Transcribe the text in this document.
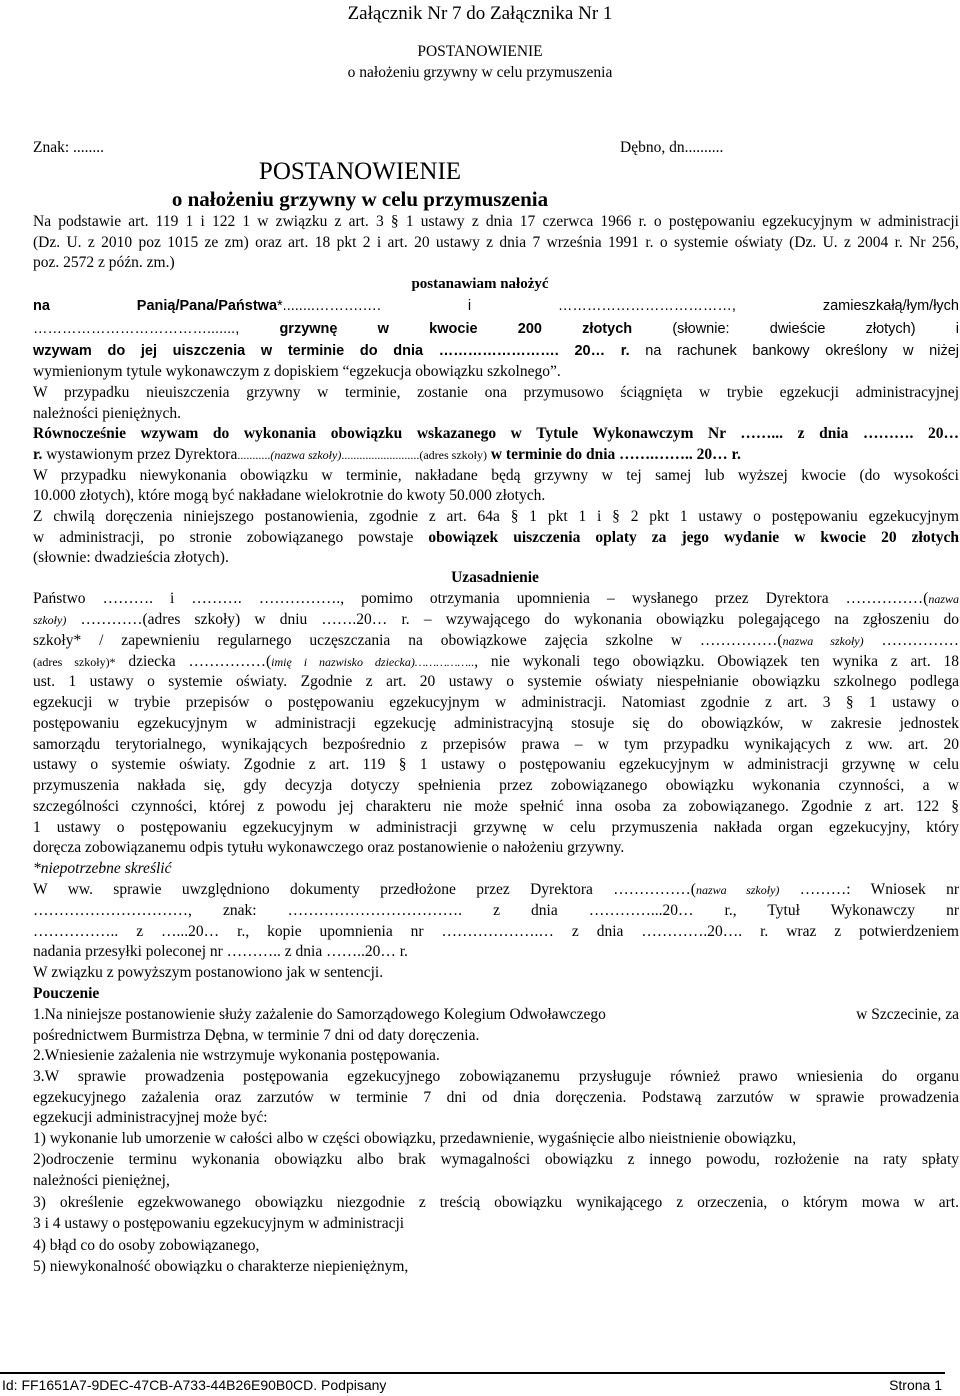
Załącznik Nr 7 do Załącznika Nr 1
POSTANOWIENIE
o nałożeniu grzywny w celu przymuszenia
Znak: ........	Dębno, dn..........
POSTANOWIENIE
o nałożeniu grzywny w celu przymuszenia
Na podstawie art. 119 1 i 122 1 w związku z art. 3 § 1 ustawy z dnia 17 czerwca 1966 r. o postępowaniu egzekucyjnym w administracji
(Dz. U. z 2010 poz 1015 ze zm) oraz art. 18 pkt 2 i art. 20 ustawy z dnia 7 września 1991 r. o systemie oświaty (Dz. U. z 2004 r. Nr 256,
poz. 2572 z późn. zm.)
postanawiam nałożyć
na Panią/Pana/Państwa*........……….…. i ………………………………, zamieszkałą/łym/łych
……………………………….......,	grzywnę w kwocie 200 złotych	(słownie: dwieście złotych) i
wzywam do jej uiszczenia w terminie do dnia ……………………. 20… r. na rachunek bankowy określony w niżej
wymienionym tytule wykonawczym z dopiskiem “egzekucja obowiązku szkolnego”.
W przypadku nieuiszczenia grzywny w terminie, zostanie ona przymusowo ściągnięta w trybie egzekucji administracyjnej
należności pieniężnych.
Równocześnie wzywam do wykonania obowiązku wskazanego w Tytule Wykonawczym Nr ……... z dnia ………. 20…
r. wystawionym przez Dyrektora...........(nazwa szkoły)..........................(adres szkoły) w terminie do dnia …….…….. 20… r.
W przypadku niewykonania obowiązku w terminie, nakładane będą grzywny w tej samej lub wyższej kwocie (do wysokości
10.000 złotych), które mogą być nakładane wielokrotnie do kwoty 50.000 złotych.
Z chwilą doręczenia niniejszego postanowienia, zgodnie z art. 64a § 1 pkt 1 i § 2 pkt 1 ustawy o postępowaniu egzekucyjnym
w administracji, po stronie zobowiązanego powstaje obowiązek uiszczenia oplaty za jego wydanie w kwocie 20 złotych
(słownie: dwadzieścia złotych).
Uzasadnienie
Państwo ………. i ………. ……………., pomimo otrzymania upomnienia – wysłanego przez Dyrektora ……………(nazwa
szkoły) …………(adres szkoły) w dniu …….20… r. – wzywającego do wykonania obowiązku polegającego na zgłoszeniu do
szkoły* / zapewnieniu regularnego uczęszczania na obowiązkowe zajęcia szkolne w ……………(nazwa szkoły) ……………
(adres szkoły)* dziecka ……………(imię i nazwisko dziecka)…………….., nie wykonali tego obowiązku. Obowiązek ten wynika z art. 18
ust. 1 ustawy o systemie oświaty. Zgodnie z art. 20 ustawy o systemie oświaty niespełnianie obowiązku szkolnego podlega
egzekucji w trybie przepisów o postępowaniu egzekucyjnym w administracji. Natomiast zgodnie z art. 3 § 1 ustawy o
postępowaniu egzekucyjnym w administracji egzekucję administracyjną stosuje się do obowiązków, w zakresie jednostek
samorządu terytorialnego, wynikających bezpośrednio z przepisów prawa – w tym przypadku wynikających z ww. art. 20
ustawy o systemie oświaty. Zgodnie z art. 119 § 1 ustawy o postępowaniu egzekucyjnym w administracji grzywnę w celu
przymuszenia nakłada się, gdy decyzja dotyczy spełnienia przez zobowiązanego obowiązku wykonania czynności, a w
szczególności czynności, której z powodu jej charakteru nie może spełnić inna osoba za zobowiązanego. Zgodnie z art. 122 §
1 ustawy o postępowaniu egzekucyjnym w administracji grzywnę w celu przymuszenia nakłada organ egzekucyjny, który
doręcza zobowiązanemu odpis tytułu wykonawczego oraz postanowienie o nałożeniu grzywny.
*niepotrzebne skreślić
W ww. sprawie uwzględniono dokumenty przedłożone przez Dyrektora ……………(nazwa szkoły) ………: Wniosek nr
…………………………, znak: ……………………………. z dnia …………...20… r., Tytuł Wykonawczy nr
…………….. z …...20… r., kopie upomnienia nr ……………….… z dnia ………….20…. r. wraz z potwierdzeniem
nadania przesyłki poleconej nr ……….. z dnia ……..20… r.
W związku z powyższym postanowiono jak w sentencji.
Pouczenie
1.Na niniejsze postanowienie służy zażalenie do Samorządowego Kolegium Odwoławczego	w Szczecinie, za
pośrednictwem Burmistrza Dębna, w terminie 7 dni od daty doręczenia.
2.Wniesienie zażalenia nie wstrzymuje wykonania postępowania.
3.W sprawie prowadzenia postępowania egzekucyjnego zobowiązanemu przysługuje również prawo wniesienia do organu
egzekucyjnego zażalenia oraz zarzutów w terminie 7 dni od dnia doręczenia. Podstawą zarzutów w sprawie prowadzenia
egzekucji administracyjnej może być:
1) wykonanie lub umorzenie w całości albo w części obowiązku, przedawnienie, wygaśnięcie albo nieistnienie obowiązku,
2)odroczenie terminu wykonania obowiązku albo brak wymagalności obowiązku z innego powodu, rozłożenie na raty spłaty
należności pieniężnej,
3) określenie egzekwowanego obowiązku niezgodnie z treścią obowiązku wynikającego z orzeczenia, o którym mowa w art.
3 i 4 ustawy o postępowaniu egzekucyjnym w administracji
4) błąd co do osoby zobowiązanego,
5) niewykonalność obowiązku o charakterze niepieniężnym,
Id: FF1651A7-9DEC-47CB-A733-44B26E90B0CD. Podpisany	Strona 1
